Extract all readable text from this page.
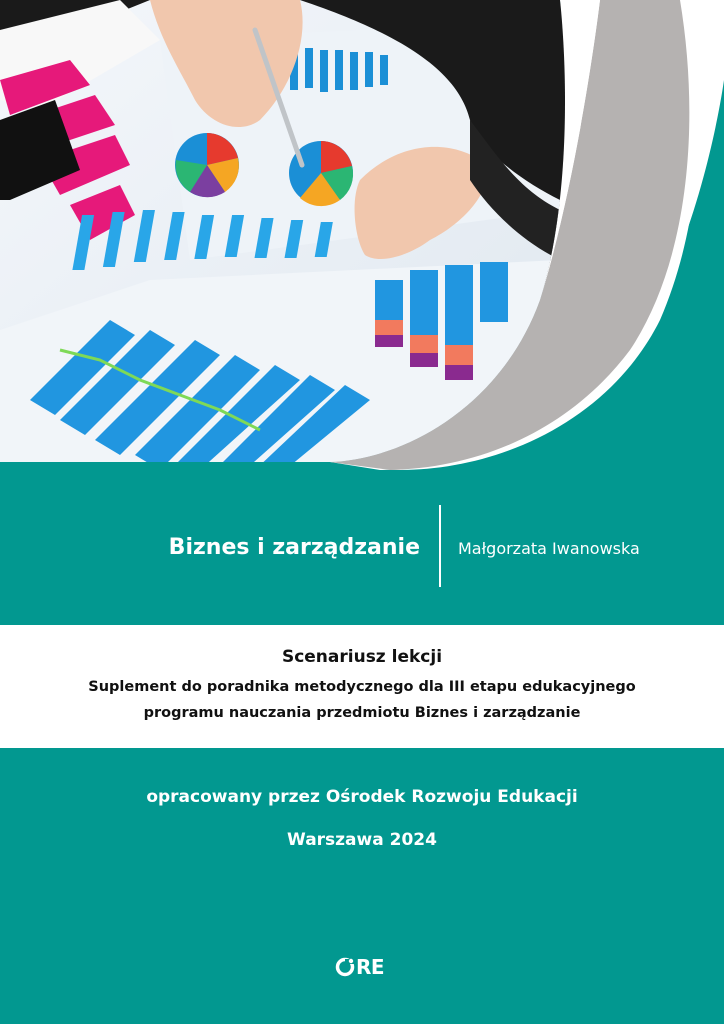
Biznes i zarządzanie Małgorzata Iwanowska
Scenariusz lekcji
Suplement do poradnika metodycznego dla III etapu edukacyjnego
programu nauczania przedmiotu Biznes i zarządzanie
opracowany przez Ośrodek Rozwoju Edukacji
Warszawa 2024
RE
